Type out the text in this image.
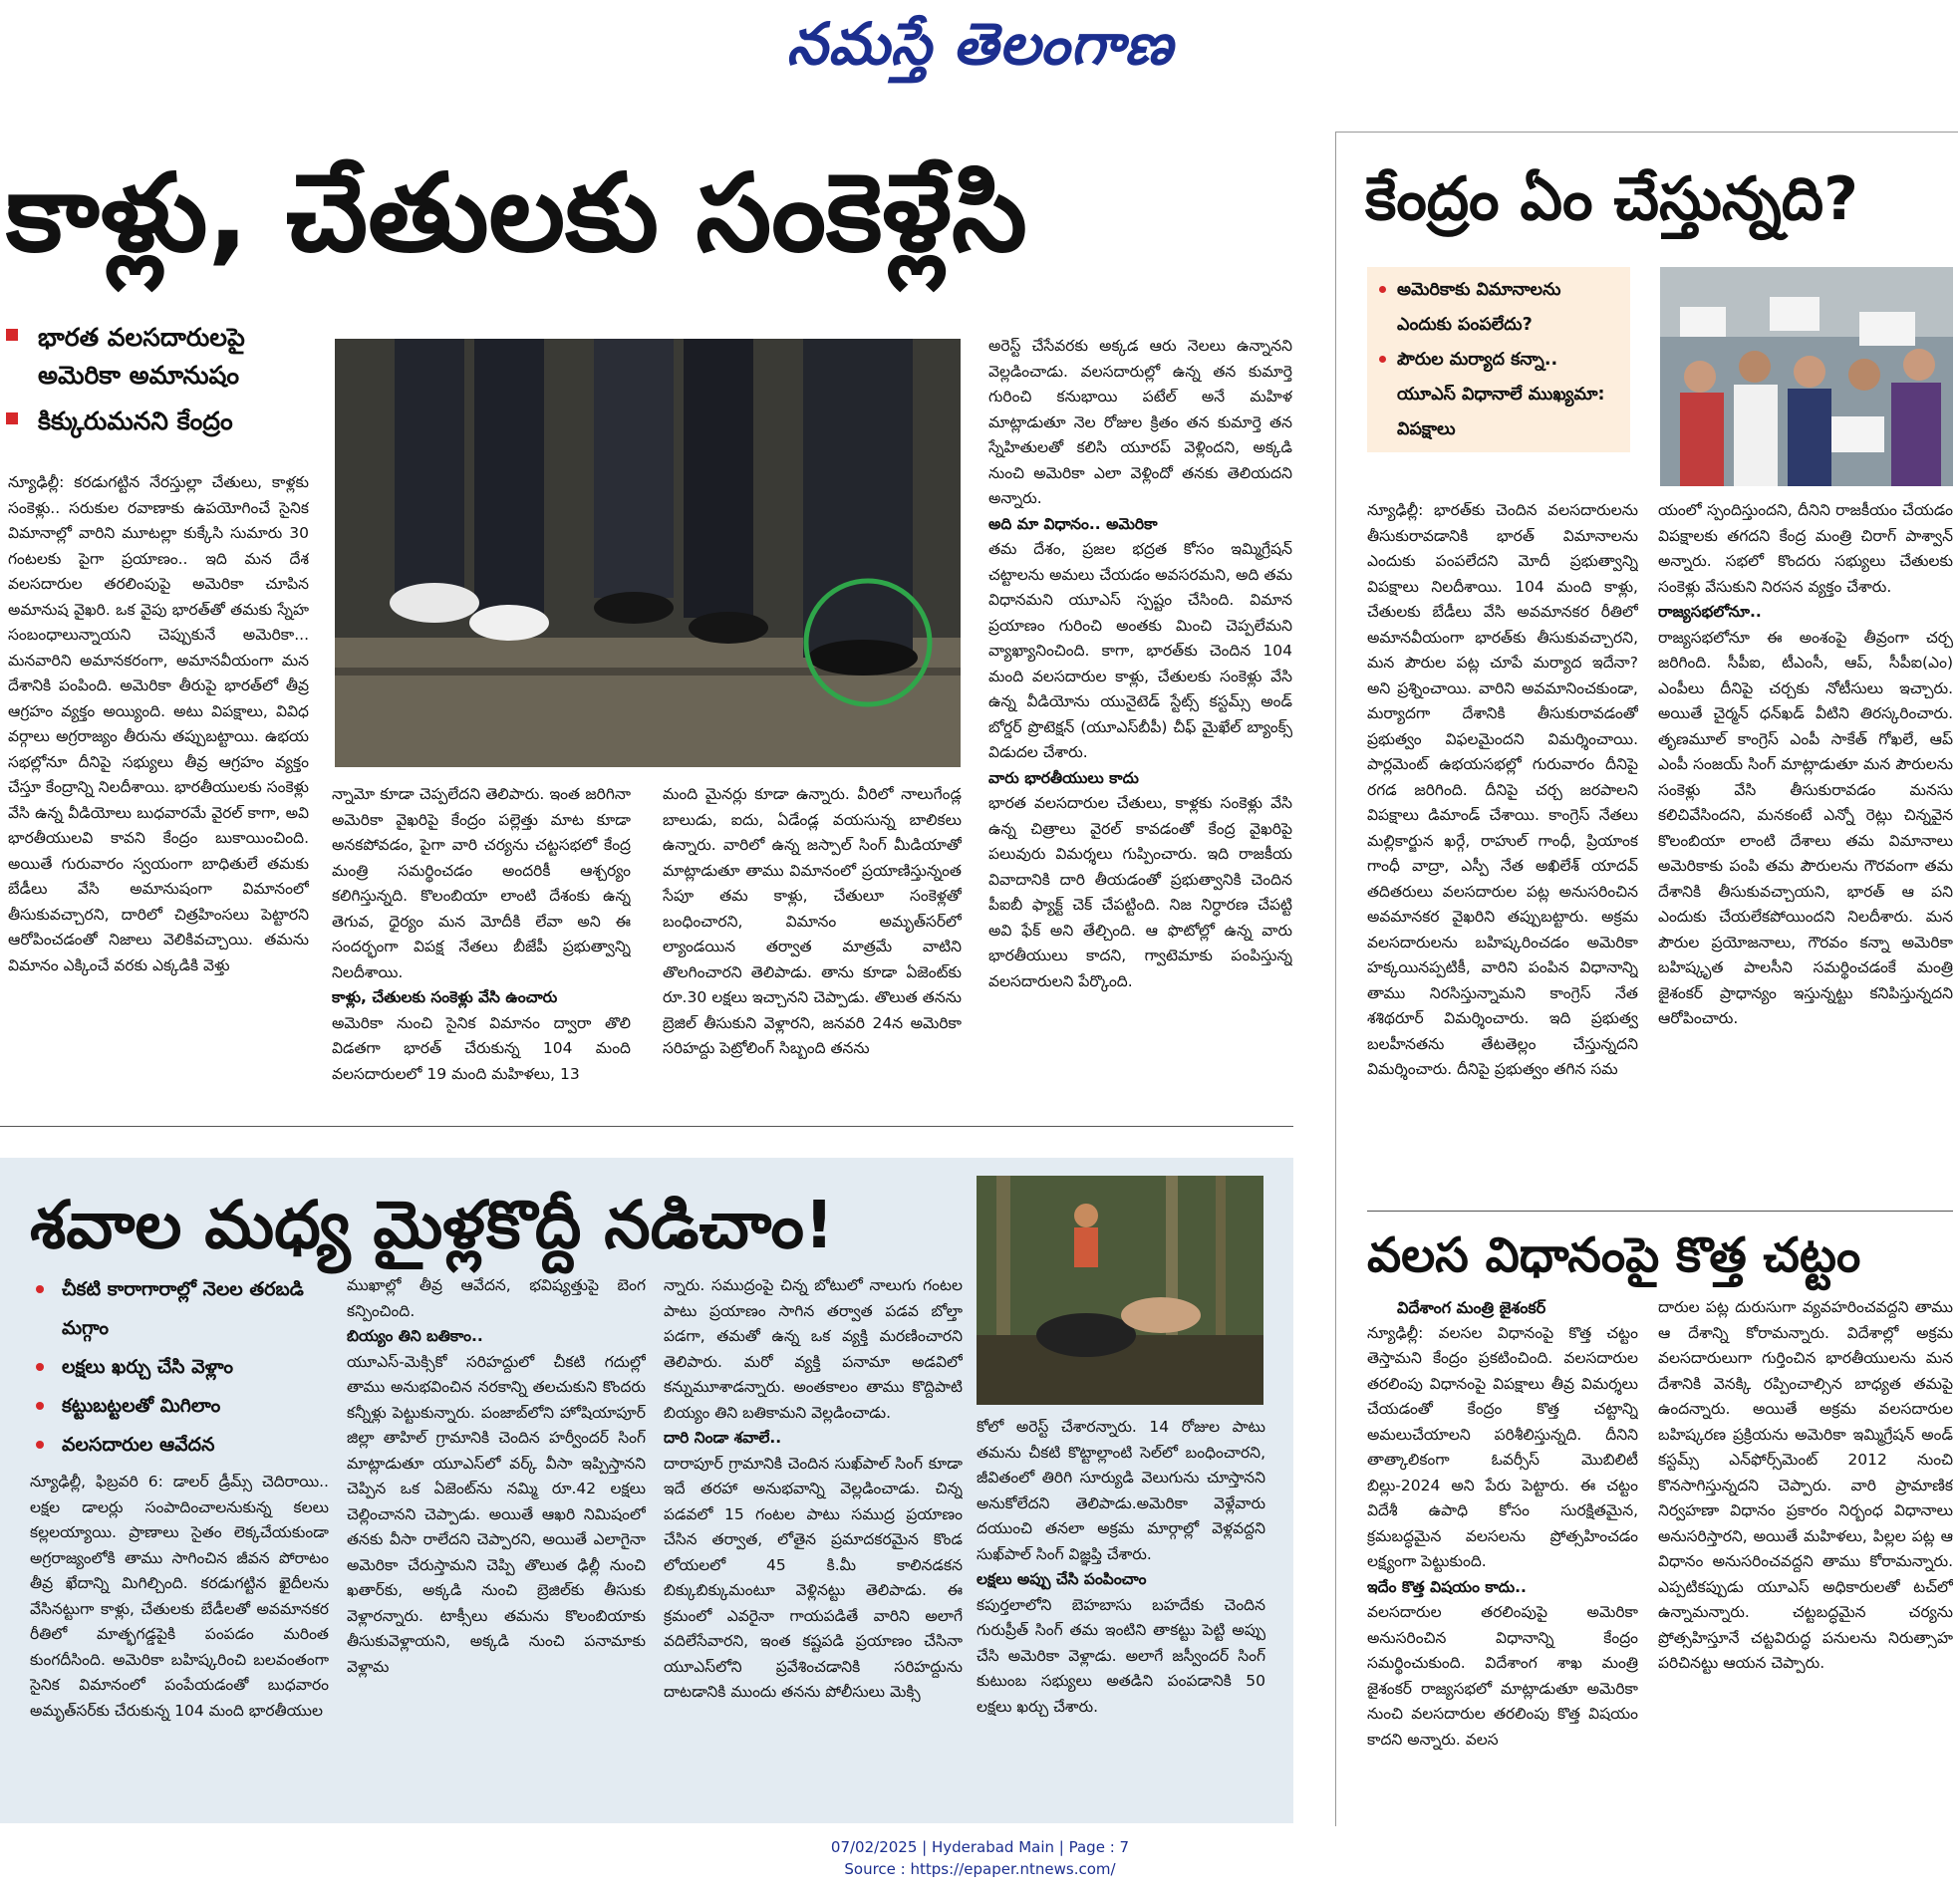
నమస్తే తెలంగాణ
కాళ్లు, చేతులకు సంకెళ్లేసి
భారత వలసదారులపై అమెరికా అమానుషం
కిక్కురుమనని కేంద్రం

న్యూఢిల్లీ: కరడుగట్టిన నేరస్తుల్లా చేతులు, కాళ్లకు సంకెళ్లు.. సరుకుల రవాణాకు ఉపయోగించే సైనిక విమానాల్లో వారిని మూటల్లా కుక్కేసి సుమారు 30 గంటలకు పైగా ప్రయాణం.. ఇది మన దేశ వలసదారుల తరలింపుపై అమెరికా చూపిన అమానుష వైఖరి. ఒక వైపు భారత్‌తో తమకు స్నేహ సంబంధాలున్నాయని చెప్పుకునే అమెరికా... మనవారిని అమానకరంగా, అమానవీయంగా మన దేశానికి పంపింది. అమెరికా తీరుపై భారత్‌లో తీవ్ర ఆగ్రహం వ్యక్తం అయ్యింది. అటు విపక్షాలు, వివిధ వర్గాలు అగ్రరాజ్యం తీరును తప్పుబట్టాయి. ఉభయ సభల్లోనూ దీనిపై సభ్యులు తీవ్ర ఆగ్రహం వ్యక్తం చేస్తూ కేంద్రాన్ని నిలదీశాయి. భారతీయులకు సంకెళ్లు వేసి ఉన్న వీడియోలు బుధవారమే వైరల్ కాగా, అవి భారతీయులవి కావని కేంద్రం బుకాయించింది. అయితే గురువారం స్వయంగా బాధితులే తమకు బేడీలు వేసి అమానుషంగా విమానంలో తీసుకువచ్చారని, దారిలో చిత్రహింసలు పెట్టారని ఆరోపించడంతో నిజాలు వెలికివచ్చాయి. తమను విమానం ఎక్కించే వరకు ఎక్కడికి వెళ్తు

న్నామో కూడా చెప్పలేదని తెలిపారు. ఇంత జరిగినా అమెరికా వైఖరిపై కేంద్రం పల్లెత్తు మాట కూడా అనకపోవడం, పైగా వారి చర్యను చట్టసభలో కేంద్ర మంత్రి సమర్థించడం అందరికీ ఆశ్చర్యం కలిగిస్తున్నది. కొలంబియా లాంటి దేశంకు ఉన్న తెగువ, ధైర్యం మన మోదీకి లేవా అని ఈ సందర్భంగా విపక్ష నేతలు బీజేపీ ప్రభుత్వాన్ని నిలదీశాయి.

కాళ్లు, చేతులకు సంకెళ్లు వేసి ఉంచారు

అమెరికా నుంచి సైనిక విమానం ద్వారా తొలి విడతగా భారత్ చేరుకున్న 104 మంది వలసదారులలో 19 మంది మహిళలు, 13

మంది మైనర్లు కూడా ఉన్నారు. వీరిలో నాలుగేండ్ల బాలుడు, ఐదు, ఏడేండ్ల వయసున్న బాలికలు ఉన్నారు. వారిలో ఉన్న జస్పాల్ సింగ్ మీడియాతో మాట్లాడుతూ తాము విమానంలో ప్రయాణిస్తున్నంత సేపూ తమ కాళ్లు, చేతులూ సంకెళ్లతో బంధించారని, విమానం అమృత్‌సర్‌లో ల్యాండయిన తర్వాత మాత్రమే వాటిని తొలగించారని తెలిపాడు. తాను కూడా ఏజెంట్‌కు రూ.30 లక్షలు ఇచ్చానని చెప్పాడు. తొలుత తనను బ్రెజిల్ తీసుకుని వెళ్లారని, జనవరి 24న అమెరికా సరిహద్దు పెట్రోలింగ్ సిబ్బంది తనను

అరెస్ట్ చేసేవరకు అక్కడ ఆరు నెలలు ఉన్నానని వెల్లడించాడు. వలసదారుల్లో ఉన్న తన కుమార్తె గురించి కనుభాయి పటేల్ అనే మహిళ మాట్లాడుతూ నెల రోజుల క్రితం తన కుమార్తె తన స్నేహితులతో కలిసి యూరప్ వెళ్లిందని, అక్కడి నుంచి అమెరికా ఎలా వెళ్లిందో తనకు తెలియదని అన్నారు.

అది మా విధానం.. అమెరికా

తమ దేశం, ప్రజల భద్రత కోసం ఇమ్మిగ్రేషన్ చట్టాలను అమలు చేయడం అవసరమని, అది తమ విధానమని యూఎస్ స్పష్టం చేసింది. విమాన ప్రయాణం గురించి అంతకు మించి చెప్పలేమని వ్యాఖ్యానించింది. కాగా, భారత్‌కు చెందిన 104 మంది వలసదారుల కాళ్లు, చేతులకు సంకెళ్లు వేసి ఉన్న వీడియోను యునైటెడ్ స్టేట్స్ కస్టమ్స్ అండ్ బోర్డర్ ప్రొటెక్షన్ (యూఎస్‌బీపీ) చీఫ్ మైఖేల్ బ్యాంక్స్ విడుదల చేశారు.

వారు భారతీయులు కాదు

భారత వలసదారుల చేతులు, కాళ్లకు సంకెళ్లు వేసి ఉన్న చిత్రాలు వైరల్ కావడంతో కేంద్ర వైఖరిపై పలువురు విమర్శలు గుప్పించారు. ఇది రాజకీయ వివాదానికి దారి తీయడంతో ప్రభుత్వానికి చెందిన పీఐబీ ఫ్యాక్ట్ చెక్ చేపట్టింది. నిజ నిర్ధారణ చేపట్టి అవి ఫేక్ అని తేల్చింది. ఆ ఫొటోల్లో ఉన్న వారు భారతీయులు కాదని, గ్వాటెమాకు పంపిస్తున్న వలసదారులని పేర్కొంది.

కేంద్రం ఏం చేస్తున్నది?
అమెరికాకు విమానాలను ఎందుకు పంపలేదు?
పౌరుల మర్యాద కన్నా.. యూఎస్ విధానాలే ముఖ్యమా: విపక్షాలు

న్యూఢిల్లీ: భారత్‌కు చెందిన వలసదారులను తీసుకురావడానికి భారత్ విమానాలను ఎందుకు పంపలేదని మోదీ ప్రభుత్వాన్ని విపక్షాలు నిలదీశాయి. 104 మంది కాళ్లు, చేతులకు బేడీలు వేసి అవమానకర రీతిలో అమానవీయంగా భారత్‌కు తీసుకువచ్చారని, మన పౌరుల పట్ల చూపే మర్యాద ఇదేనా? అని ప్రశ్నించాయి. వారిని అవమానించకుండా, మర్యాదగా దేశానికి తీసుకురావడంతో ప్రభుత్వం విఫలమైందని విమర్శించాయి. పార్లమెంట్ ఉభయసభల్లో గురువారం దీనిపై రగడ జరిగింది. దీనిపై చర్చ జరపాలని విపక్షాలు డిమాండ్ చేశాయి. కాంగ్రెస్ నేతలు మల్లికార్జున ఖర్గే, రాహుల్ గాంధీ, ప్రియాంక గాంధీ వాద్రా, ఎస్పీ నేత అఖిలేశ్ యాదవ్ తదితరులు వలసదారుల పట్ల అనుసరించిన అవమానకర వైఖరిని తప్పుబట్టారు. అక్రమ వలసదారులను బహిష్కరించడం అమెరికా హక్కయినప్పటికీ, వారిని పంపిన విధానాన్ని తాము నిరసిస్తున్నామని కాంగ్రెస్ నేత శశిథరూర్ విమర్శించారు. ఇది ప్రభుత్వ బలహీనతను తేటతెల్లం చేస్తున్నదని విమర్శించారు. దీనిపై ప్రభుత్వం తగిన సమ

యంలో స్పందిస్తుందని, దీనిని రాజకీయం చేయడం విపక్షాలకు తగదని కేంద్ర మంత్రి చిరాగ్ పాశ్వాన్ అన్నారు. సభలో కొందరు సభ్యులు చేతులకు సంకెళ్లు వేసుకుని నిరసన వ్యక్తం చేశారు.

రాజ్యసభలోనూ..

రాజ్యసభలోనూ ఈ అంశంపై తీవ్రంగా చర్చ జరిగింది. సీపీఐ, టీఎంసీ, ఆప్, సీపీఐ(ఎం) ఎంపీలు దీనిపై చర్చకు నోటీసులు ఇచ్చారు. అయితే చైర్మన్ ధన్‌ఖడ్ వీటిని తిరస్కరించారు. తృణమూల్ కాంగ్రెస్ ఎంపీ సాకేత్ గోఖలే, ఆప్ ఎంపీ సంజయ్ సింగ్ మాట్లాడుతూ మన పౌరులను సంకెళ్లు వేసి తీసుకురావడం మనసు కలిచివేసిందని, మనకంటే ఎన్నో రెట్లు చిన్నవైన కొలంబియా లాంటి దేశాలు తమ విమానాలు అమెరికాకు పంపి తమ పౌరులను గౌరవంగా తమ దేశానికి తీసుకువచ్చాయని, భారత్ ఆ పని ఎందుకు చేయలేకపోయిందని నిలదీశారు. మన పౌరుల ప్రయోజనాలు, గౌరవం కన్నా అమెరికా బహిష్కృత పాలసీని సమర్థించడంకే మంత్రి జైశంకర్ ప్రాధాన్యం ఇస్తున్నట్టు కనిపిస్తున్నదని ఆరోపించారు.

వలస విధానంపై కొత్త చట్టం

విదేశాంగ మంత్రి జైశంకర్

న్యూఢిల్లీ: వలసల విధానంపై కొత్త చట్టం తెస్తామని కేంద్రం ప్రకటించింది. వలసదారుల తరలింపు విధానంపై విపక్షాలు తీవ్ర విమర్శలు చేయడంతో కేంద్రం కొత్త చట్టాన్ని అమలుచేయాలని పరిశీలిస్తున్నది. దీనిని తాత్కాలికంగా ఓవర్సీస్ మొబిలిటీ బిల్లు-2024 అని పేరు పెట్టారు. ఈ చట్టం విదేశీ ఉపాధి కోసం సురక్షితమైన, క్రమబద్ధమైన వలసలను ప్రోత్సహించడం లక్ష్యంగా పెట్టుకుంది.

ఇదేం కొత్త విషయం కాదు..

వలసదారుల తరలింపుపై అమెరికా అనుసరించిన విధానాన్ని కేంద్రం సమర్థించుకుంది. విదేశాంగ శాఖ మంత్రి జైశంకర్ రాజ్యసభలో మాట్లాడుతూ అమెరికా నుంచి వలసదారుల తరలింపు కొత్త విషయం కాదని అన్నారు. వలస

దారుల పట్ల దురుసుగా వ్యవహరించవద్దని తాము ఆ దేశాన్ని కోరామన్నారు. విదేశాల్లో అక్రమ వలసదారులుగా గుర్తించిన భారతీయులను మన దేశానికి వెనక్కి రప్పించాల్సిన బాధ్యత తమపై ఉందన్నారు. అయితే అక్రమ వలసదారుల బహిష్కరణ ప్రక్రియను అమెరికా ఇమ్మిగ్రేషన్ అండ్ కస్టమ్స్ ఎన్‌ఫోర్స్‌మెంట్ 2012 నుంచి కొనసాగిస్తున్నదని చెప్పారు. వారి ప్రామాణిక నిర్వహణా విధానం ప్రకారం నిర్బంధ విధానాలు అనుసరిస్తారని, అయితే మహిళలు, పిల్లల పట్ల ఆ విధానం అనుసరించవద్దని తాము కోరామన్నారు. ఎప్పటికప్పుడు యూఎస్ అధికారులతో టచ్‌లో ఉన్నామన్నారు. చట్టబద్ధమైన చర్యను ప్రోత్సహిస్తూనే చట్టవిరుద్ధ పనులను నిరుత్సాహ పరిచినట్టు ఆయన చెప్పారు.

శవాల మధ్య మైళ్లకొద్దీ నడిచాం!
చీకటి కారాగారాల్లో నెలల తరబడి మగ్గాం
లక్షలు ఖర్చు చేసి వెళ్లాం
కట్టుబట్టలతో మిగిలాం
వలసదారుల ఆవేదన

న్యూఢిల్లీ, ఫిబ్రవరి 6: డాలర్ డ్రీమ్స్ చెదిరాయి.. లక్షల డాలర్లు సంపాదించాలనుకున్న కలలు కల్లలయ్యాయి. ప్రాణాలు సైతం లెక్కచేయకుండా అగ్రరాజ్యంలోకి తాము సాగించిన జీవన పోరాటం తీవ్ర ఖేదాన్ని మిగిల్చింది. కరడుగట్టిన ఖైదీలను వేసినట్టుగా కాళ్లు, చేతులకు బేడీలతో అవమానకర రీతిలో మాత్భగడ్డపైకి పంపడం మరింత కుంగదీసింది. అమెరికా బహిష్కరించి బలవంతంగా సైనిక విమానంలో పంపేయడంతో బుధవారం అమృత్‌సర్‌కు చేరుకున్న 104 మంది భారతీయుల

ముఖాల్లో తీవ్ర ఆవేదన, భవిష్యత్తుపై బెంగ కన్పించింది.

బియ్యం తిని బతికాం..

యూఎస్-మెక్సికో సరిహద్దులో చీకటి గదుల్లో తాము అనుభవించిన నరకాన్ని తలచుకుని కొందరు కన్నీళ్లు పెట్టుకున్నారు. పంజాబ్‌లోని హోషియాపూర్ జిల్లా తాహిల్ గ్రామానికి చెందిన హర్వీందర్ సింగ్ మాట్లాడుతూ యూఎస్‌లో వర్క్ వీసా ఇప్పిస్తానని చెప్పిన ఒక ఏజెంట్‌ను నమ్మి రూ.42 లక్షలు చెల్లించానని చెప్పాడు. అయితే ఆఖరి నిమిషంలో తనకు వీసా రాలేదని చెప్పారని, అయితే ఎలాగైనా అమెరికా చేరుస్తామని చెప్పి తొలుత ఢిల్లీ నుంచి ఖతార్‌కు, అక్కడి నుంచి బ్రెజిల్‌కు తీసుకు వెళ్లారన్నారు. టాక్సీలు తమను కొలంబియాకు తీసుకువెళ్లాయని, అక్కడి నుంచి పనామాకు వెళ్లామ

న్నారు. సముద్రంపై చిన్న బోటులో నాలుగు గంటల పాటు ప్రయాణం సాగిన తర్వాత పడవ బోల్తా పడగా, తమతో ఉన్న ఒక వ్యక్తి మరణించారని తెలిపారు. మరో వ్యక్తి పనామా అడవిలో కన్నుమూశాడన్నారు. అంతకాలం తాము కొద్దిపాటి బియ్యం తిని బతికామని వెల్లడించాడు.

దారి నిండా శవాలే..

దారాపూర్ గ్రామానికి చెందిన సుఖ్‌పాల్ సింగ్ కూడా ఇదే తరహా అనుభవాన్ని వెల్లడించాడు. చిన్న పడవలో 15 గంటల పాటు సముద్ర ప్రయాణం చేసిన తర్వాత, లోతైన ప్రమాదకరమైన కొండ లోయలలో 45 కి.మీ కాలినడకన బిక్కుబిక్కుమంటూ వెళ్లినట్టు తెలిపాడు. ఈ క్రమంలో ఎవరైనా గాయపడితే వారిని అలాగే వదిలేసేవారని, ఇంత కష్టపడి ప్రయాణం చేసినా యూఎస్‌లోని ప్రవేశించడానికి సరిహద్దును దాటడానికి ముందు తనను పోలీసులు మెక్సి

కోలో అరెస్ట్ చేశారన్నారు. 14 రోజుల పాటు తమను చీకటి కొట్టాల్లాంటి సెల్‌లో బంధించారని, జీవితంలో తిరిగి సూర్యుడి వెలుగును చూస్తానని అనుకోలేదని తెలిపాడు.అమెరికా వెళ్లేవారు దయుంచి తనలా అక్రమ మార్గాల్లో వెళ్లవద్దని సుఖ్‌పాల్ సింగ్ విజ్ఞప్తి చేశారు.

లక్షలు అప్పు చేసి పంపించాం

కపుర్తలాలోని బెహబాసు బహదేకు చెందిన గురుప్రీత్ సింగ్ తమ ఇంటిని తాకట్టు పెట్టి అప్పు చేసి అమెరికా వెళ్లాడు. అలాగే జస్వీందర్ సింగ్ కుటుంబ సభ్యులు అతడిని పంపడానికి 50 లక్షలు ఖర్చు చేశారు.

07/02/2025 | Hyderabad Main | Page : 7
Source : https://epaper.ntnews.com/
